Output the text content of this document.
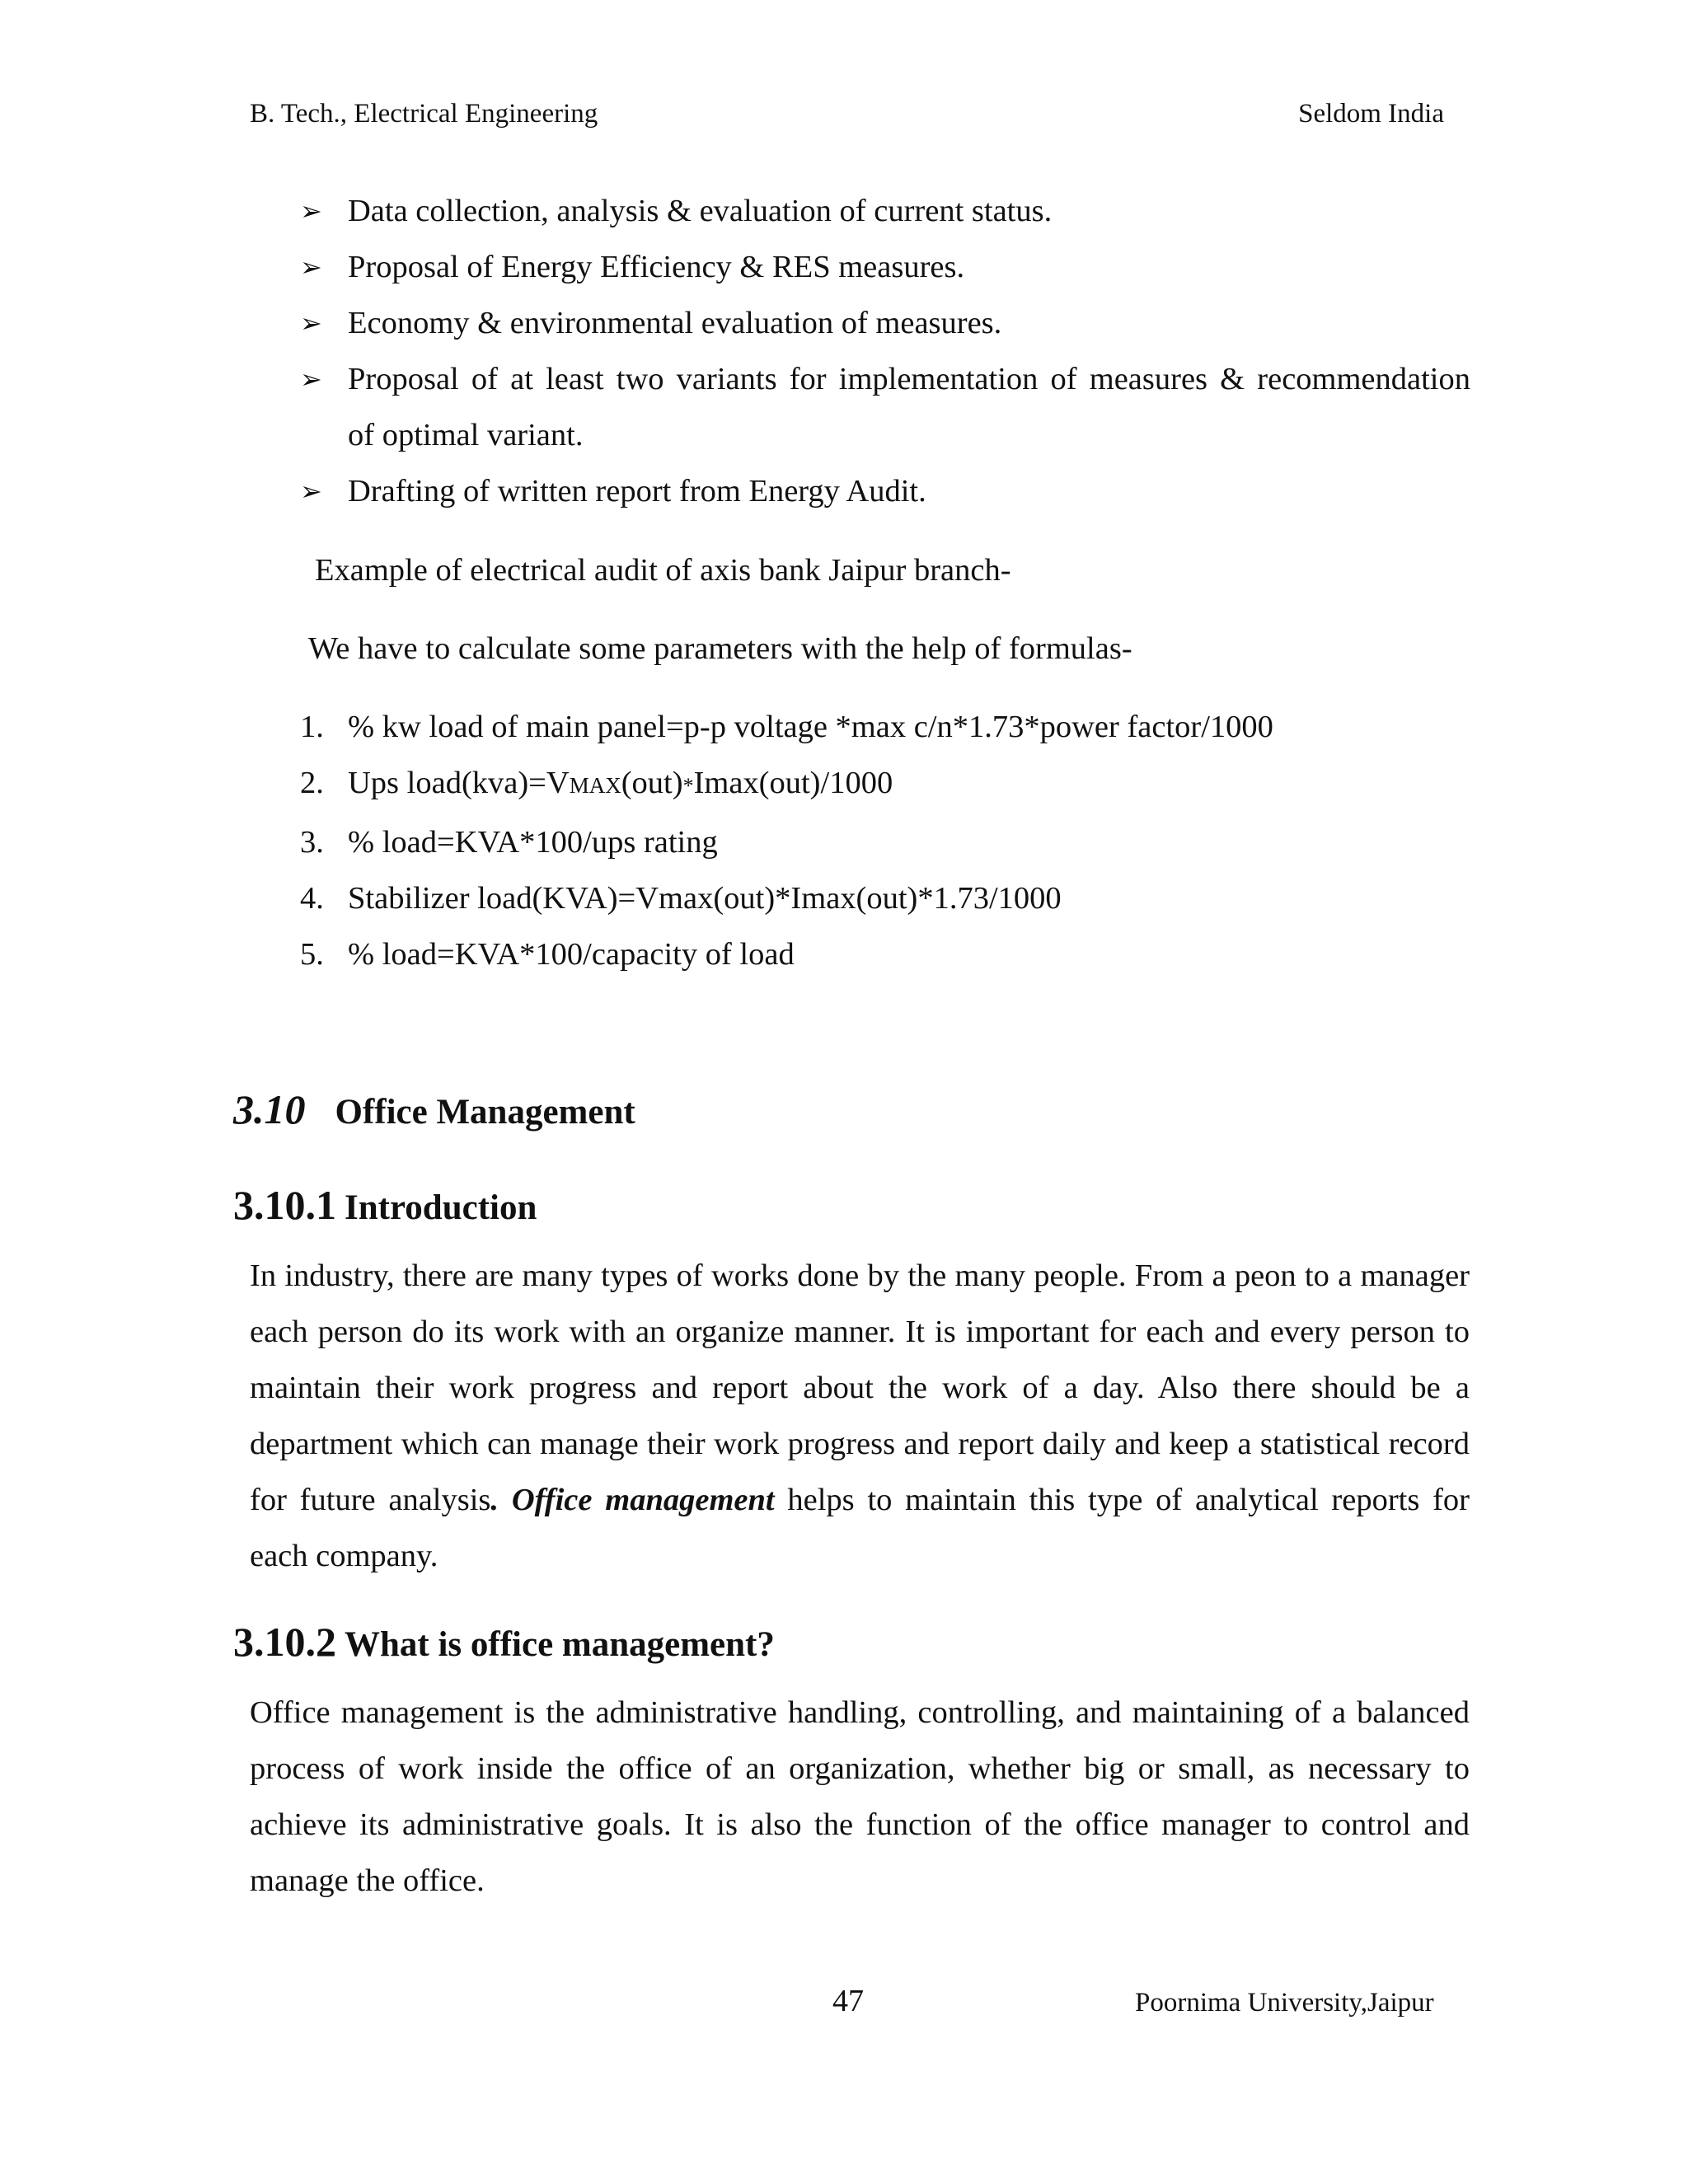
B. Tech., Electrical Engineering	Seldom India
➢ Data collection, analysis & evaluation of current status.
➢ Proposal of Energy Efficiency & RES measures.
➢ Economy & environmental evaluation of measures.
➢ Proposal of at least two variants for implementation of measures & recommendation
of optimal variant.
➢ Drafting of written report from Energy Audit.
Example of electrical audit of axis bank Jaipur branch-
We have to calculate some parameters with the help of formulas-
1. % kw load of main panel=p-p voltage *max c/n*1.73*power factor/1000
2. Ups load(kva)=VMAX(out)*Imax(out)/1000
3. % load=KVA*100/ups rating
4. Stabilizer load(KVA)=Vmax(out)*Imax(out)*1.73/1000
5. % load=KVA*100/capacity of load
3.10 Office Management
3.10.1 Introduction
In industry, there are many types of works done by the many people. From a peon to a manager
each person do its work with an organize manner. It is important for each and every person to
maintain their work progress and report about the work of a day. Also there should be a
department which can manage their work progress and report daily and keep a statistical record
for future analysis. Office management helps to maintain this type of analytical reports for
each company.
3.10.2 What is office management?
Office management is the administrative handling, controlling, and maintaining of a balanced
process of work inside the office of an organization, whether big or small, as necessary to
achieve its administrative goals. It is also the function of the office manager to control and
manage the office.
47	Poornima University,Jaipur
